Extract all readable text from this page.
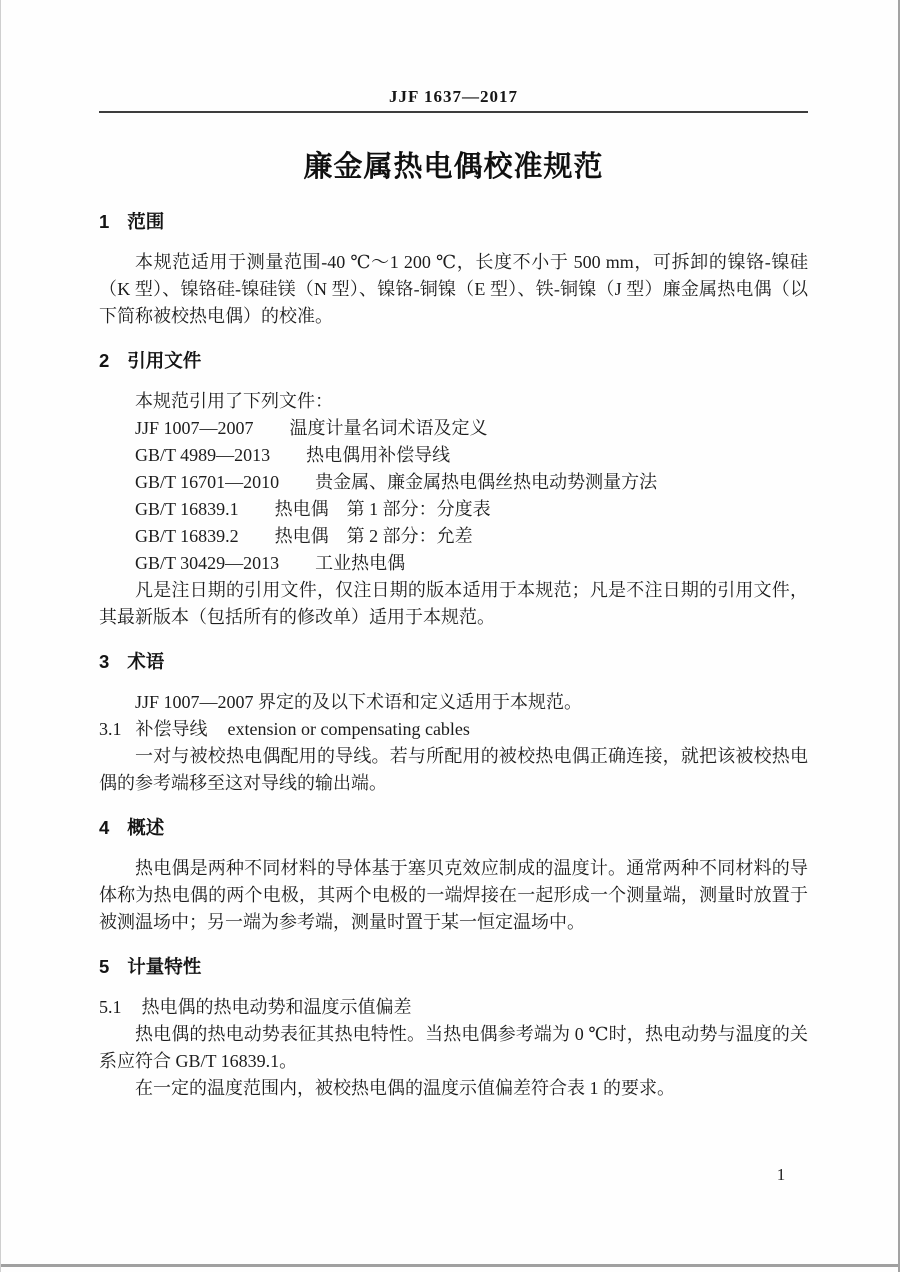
JJF 1637—2017
廉金属热电偶校准规范
1 范围

本规范适用于测量范围-40 ℃～1 200 ℃，长度不小于 500 mm，可拆卸的镍铬-镍硅（K 型）、镍铬硅-镍硅镁（N 型）、镍铬-铜镍（E 型）、铁-铜镍（J 型）廉金属热电偶（以下简称被校热电偶）的校准。

2 引用文件

本规范引用了下列文件：

JJF 1007—2007　　温度计量名词术语及定义

GB/T 4989—2013　　热电偶用补偿导线

GB/T 16701—2010　　贵金属、廉金属热电偶丝热电动势测量方法

GB/T 16839.1　　热电偶　第 1 部分：分度表

GB/T 16839.2　　热电偶　第 2 部分：允差

GB/T 30429—2013　　工业热电偶

凡是注日期的引用文件，仅注日期的版本适用于本规范；凡是不注日期的引用文件，其最新版本（包括所有的修改单）适用于本规范。

3 术语

JJF 1007—2007 界定的及以下术语和定义适用于本规范。

3.1 补偿导线 extension or compensating cables

一对与被校热电偶配用的导线。若与所配用的被校热电偶正确连接，就把该被校热电偶的参考端移至这对导线的输出端。

4 概述

热电偶是两种不同材料的导体基于塞贝克效应制成的温度计。通常两种不同材料的导体称为热电偶的两个电极，其两个电极的一端焊接在一起形成一个测量端，测量时放置于被测温场中；另一端为参考端，测量时置于某一恒定温场中。

5 计量特性

5.1 热电偶的热电动势和温度示值偏差

热电偶的热电动势表征其热电特性。当热电偶参考端为 0 ℃时，热电动势与温度的关系应符合 GB/T 16839.1。

在一定的温度范围内，被校热电偶的温度示值偏差符合表 1 的要求。

1
